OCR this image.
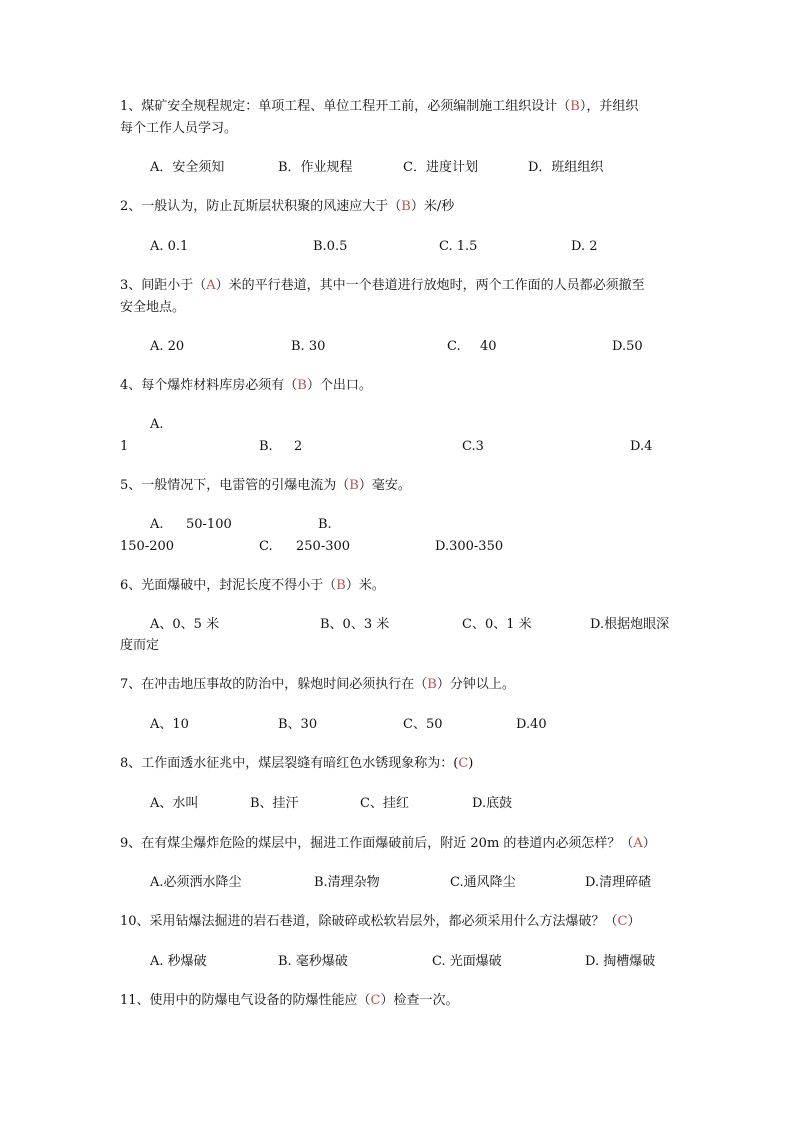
1、煤矿安全规程规定：单项工程、单位工程开工前，必须编制施工组织设计（B），并组织
每个工作人员学习。
A．安全须知	B．作业规程	C．进度计划	D．班组组织
2、一般认为，防止瓦斯层状积聚的风速应大于（B）米/秒
A. 0.1	B.0.5	C. 1.5	D. 2
3、间距小于（A）米的平行巷道，其中一个巷道进行放炮时，两个工作面的人员都必须撤至
安全地点。
A. 20	B. 30	C. 40	D.50
4、每个爆炸材料库房必须有（B）个出口。
A.
1	B. 2	C.3	D.4
5、一般情况下，电雷管的引爆电流为（B）毫安。
A. 50-100	B.
150-200	C. 250-300	D.300-350
6、光面爆破中，封泥长度不得小于（B）米。
A、0、5 米	B、0、3 米	C、0、1 米	D.根据炮眼深
度而定
7、在冲击地压事故的防治中，躲炮时间必须执行在（B）分钟以上。
A、10	B、30	C、50	D.40
8、工作面透水征兆中，煤层裂缝有暗红色水锈现象称为：(C)
A、水叫	B、挂汗	C、挂红	D.底鼓
9、在有煤尘爆炸危险的煤层中，掘进工作面爆破前后，附近 20m 的巷道内必须怎样？（A）
A.必须洒水降尘	B.清理杂物	C.通风降尘	D.清理碎碴
10、采用钻爆法掘进的岩石巷道，除破碎或松软岩层外，都必须采用什么方法爆破？（C）
A. 秒爆破	B. 毫秒爆破	C. 光面爆破	D. 掏槽爆破
11、使用中的防爆电气设备的防爆性能应（C）检查一次。
